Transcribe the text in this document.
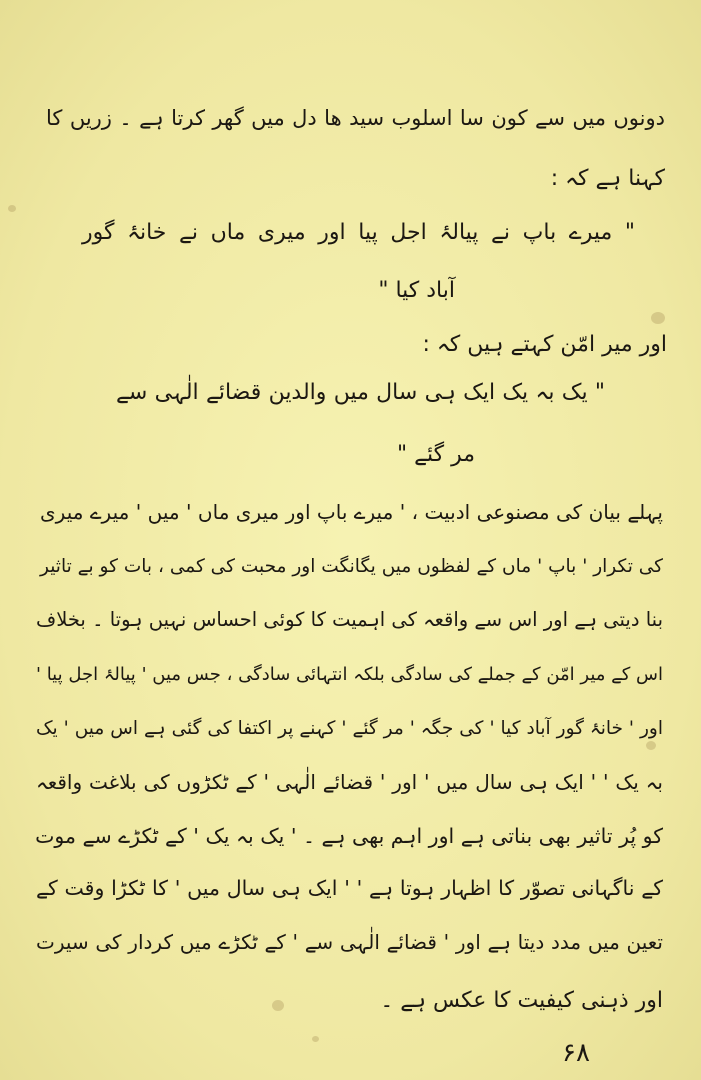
دونوں میں سے کون سا اسلوب سید ھا دل میں گھر کرتا ہے ۔ زریں کا
کہنا ہے کہ :
" میرے باپ نے پیالۂ اجل پیا اور میری ماں نے خانۂ گور
آباد کیا "
اور میر امّن کہتے ہیں کہ :
" یک بہ یک ایک ہی سال میں والدین قضائے الٰہی سے
مر گئے "
پہلے بیان کی مصنوعی ادبیت ، ' میرے باپ اور میری ماں ' میں ' میرے میری
کی تکرار ' باپ ' ماں کے لفظوں میں یگانگت اور محبت کی کمی ، بات کو بے تاثیر
بنا دیتی ہے اور اس سے واقعہ کی اہمیت کا کوئی احساس نہیں ہوتا ۔ بخلاف
اس کے میر امّن کے جملے کی سادگی بلکہ انتہائی سادگی ، جس میں ' پیالۂ اجل پیا '
اور ' خانۂ گور آباد کیا ' کی جگہ ' مر گئے ' کہنے پر اکتفا کی گئی ہے اس میں ' یک
بہ یک ' ' ایک ہی سال میں ' اور ' قضائے الٰہی ' کے ٹکڑوں کی بلاغت واقعہ
کو پُر تاثیر بھی بناتی ہے اور اہم بھی ہے ۔ ' یک بہ یک ' کے ٹکڑے سے موت
کے ناگہانی تصوّر کا اظہار ہوتا ہے ' ' ایک ہی سال میں ' کا ٹکڑا وقت کے
تعین میں مدد دیتا ہے اور ' قضائے الٰہی سے ' کے ٹکڑے میں کردار کی سیرت
اور ذہنی کیفیت کا عکس ہے ۔
۶۸
